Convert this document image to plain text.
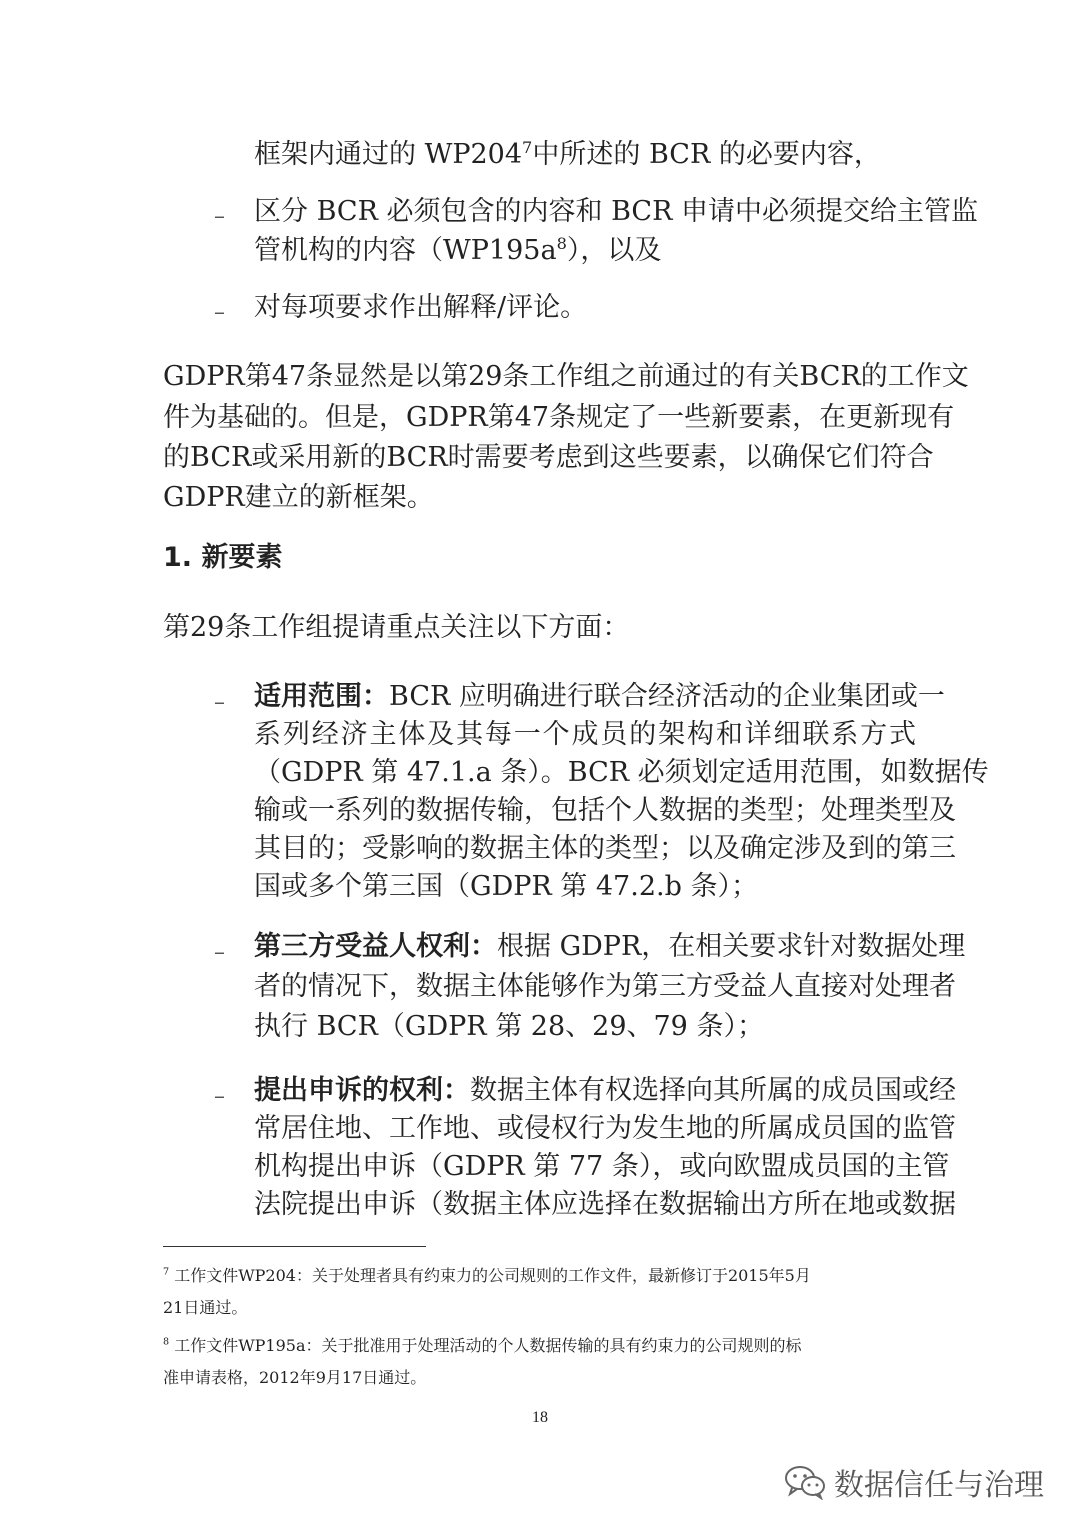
框架内通过的 $WP204^7$中所述的 BCR 的必要内容，
– 区分 BCR 必须包含的内容和 BCR 申请中必须提交给主管监
管机构的内容$(WP195a^8)$，以及
– 对每项要求作出解释/评论。
GDPR第47条显然是以第29条工作组之前通过的有关BCR的工作文
件为基础的。但是，GDPR第47条规定了一些新要素，在更新现有
的BCR或采用新的BCR时需要考虑到这些要素，以确保它们符合
GDPR建立的新框架。
1. 新要素
第29条工作组提请重点关注以下方面：
– 适用范围：BCR 应明确进行联合经济活动的企业集团或一
系列经济主体及其每一个成员的架构和详细联系方式
（GDPR 第 47.1.a 条）。BCR 必须划定适用范围，如数据传
输或一系列的数据传输，包括个人数据的类型；处理类型及
其目的；受影响的数据主体的类型；以及确定涉及到的第三
国或多个第三国（GDPR 第 47.2.b 条）；
– 第三方受益人权利：根据 GDPR，在相关要求针对数据处理
者的情况下，数据主体能够作为第三方受益人直接对处理者
执行 BCR（GDPR 第 28、29、79 条）；
– 提出申诉的权利：数据主体有权选择向其所属的成员国或经
常居住地、工作地、或侵权行为发生地的所属成员国的监管
机构提出申诉（GDPR 第 77 条），或向欧盟成员国的主管
法院提出申诉（数据主体应选择在数据输出方所在地或数据
$^7$ 工作文件WP204：关于处理者具有约束力的公司规则的工作文件，最新修订于2015年5月
21日通过。
$^8$ 工作文件WP195a：关于批准用于处理活动的个人数据传输的具有约束力的公司规则的标
准申请表格，2012年9月17日通过。
18
数据信任与治理
